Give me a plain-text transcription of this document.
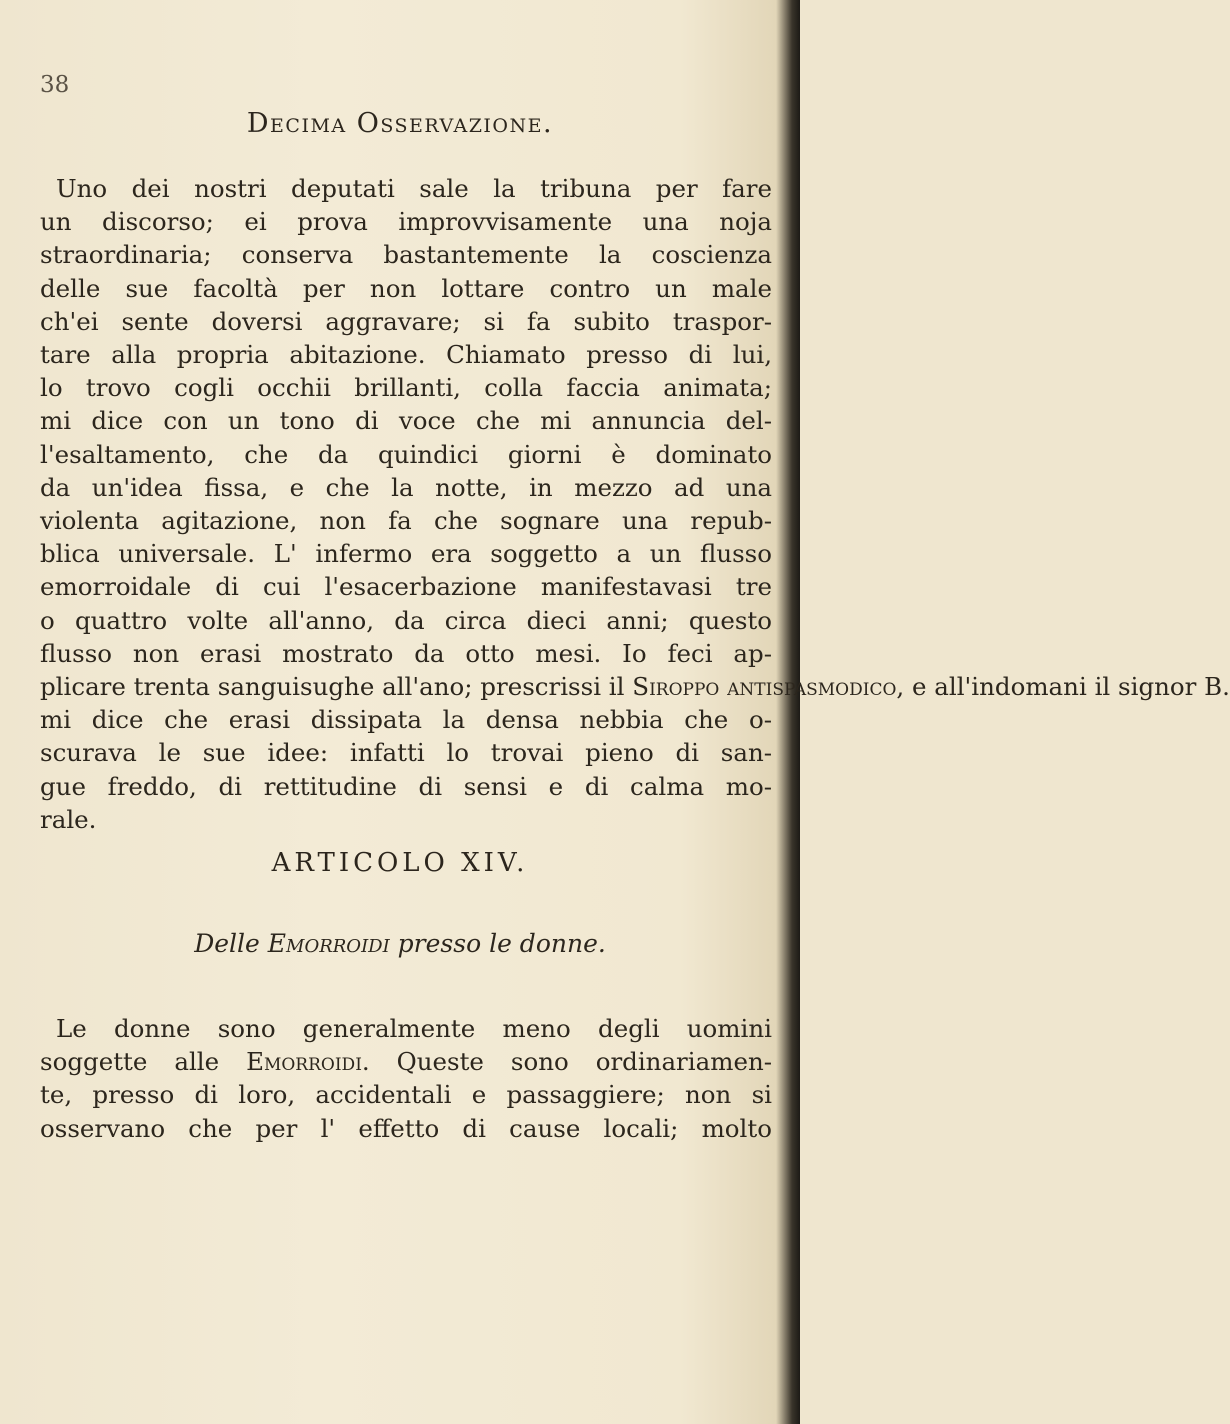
38
Decima Osservazione.
Uno dei nostri deputati sale la tribuna per fare
un discorso; ei prova improvvisamente una noja
straordinaria; conserva bastantemente la coscienza
delle sue facoltà per non lottare contro un male
ch'ei sente doversi aggravare; si fa subito traspor-
tare alla propria abitazione. Chiamato presso di lui,
lo trovo cogli occhii brillanti, colla faccia animata;
mi dice con un tono di voce che mi annuncia del-
l'esaltamento, che da quindici giorni è dominato
da un'idea fissa, e che la notte, in mezzo ad una
violenta agitazione, non fa che sognare una repub-
blica universale. L' infermo era soggetto a un flusso
emorroidale di cui l'esacerbazione manifestavasi tre
o quattro volte all'anno, da circa dieci anni; questo
flusso non erasi mostrato da otto mesi. Io feci ap-
plicare trenta sanguisughe all'ano; prescrissi il Siroppo antispasmodico, e all'indomani il signor B.
mi dice che erasi dissipata la densa nebbia che o-
scurava le sue idee: infatti lo trovai pieno di san-
gue freddo, di rettitudine di sensi e di calma mo-
rale.
ARTICOLO XIV.
Delle Emorroidi presso le donne.
Le donne sono generalmente meno degli uomini
soggette alle Emorroidi. Queste sono ordinariamen-
te, presso di loro, accidentali e passaggiere; non si
osservano che per l' effetto di cause locali; molto
